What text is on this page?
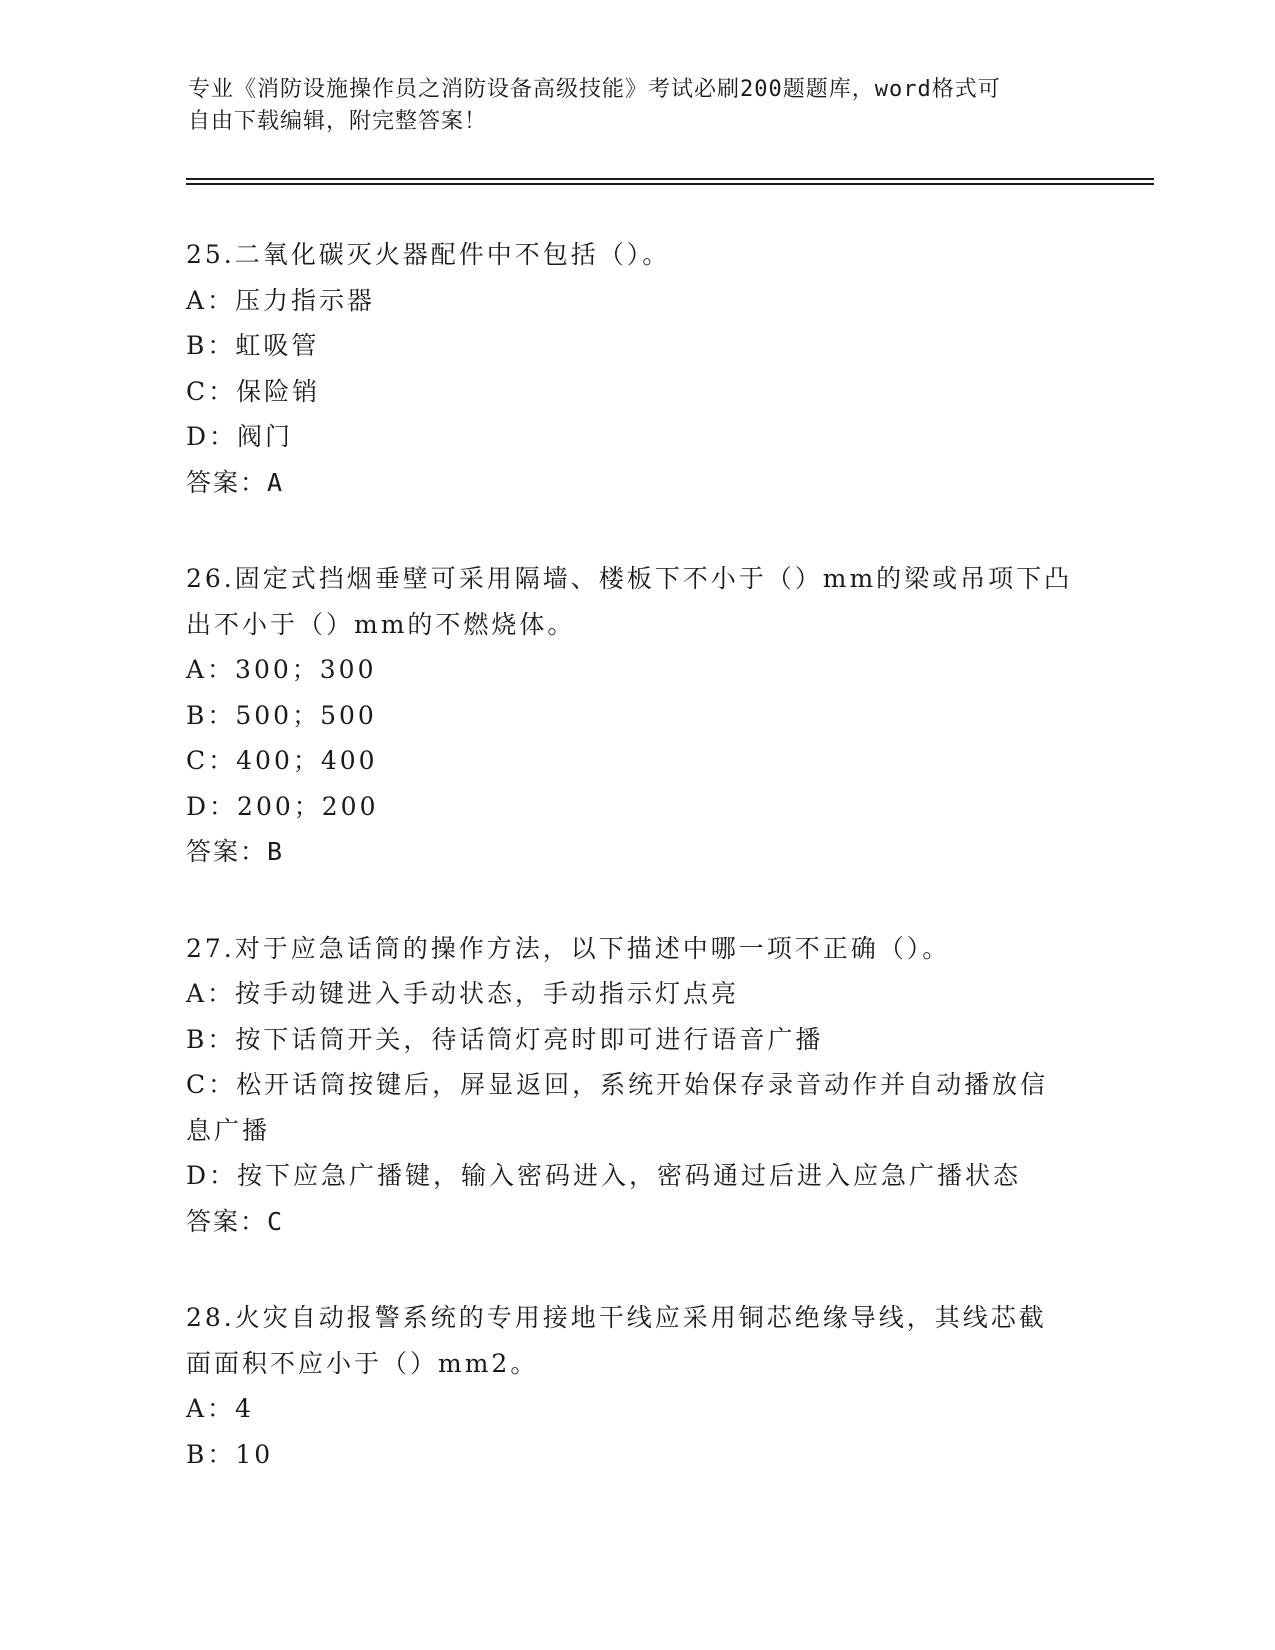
专业《消防设施操作员之消防设备高级技能》考试必刷200题题库，word格式可
自由下载编辑，附完整答案！
25.二氧化碳灭火器配件中不包括（）。
A：压力指示器
B：虹吸管
C：保险销
D：阀门
答案：A
26.固定式挡烟垂壁可采用隔墙、楼板下不小于（）mm的梁或吊项下凸
出不小于（）mm的不燃烧体。
A：300；300
B：500；500
C：400；400
D：200；200
答案：B
27.对于应急话筒的操作方法，以下描述中哪一项不正确（）。
A：按手动键进入手动状态，手动指示灯点亮
B：按下话筒开关，待话筒灯亮时即可进行语音广播
C：松开话筒按键后，屏显返回，系统开始保存录音动作并自动播放信
息广播
D：按下应急广播键，输入密码进入，密码通过后进入应急广播状态
答案：C
28.火灾自动报警系统的专用接地干线应采用铜芯绝缘导线，其线芯截
面面积不应小于（）mm2。
A：4
B：10
